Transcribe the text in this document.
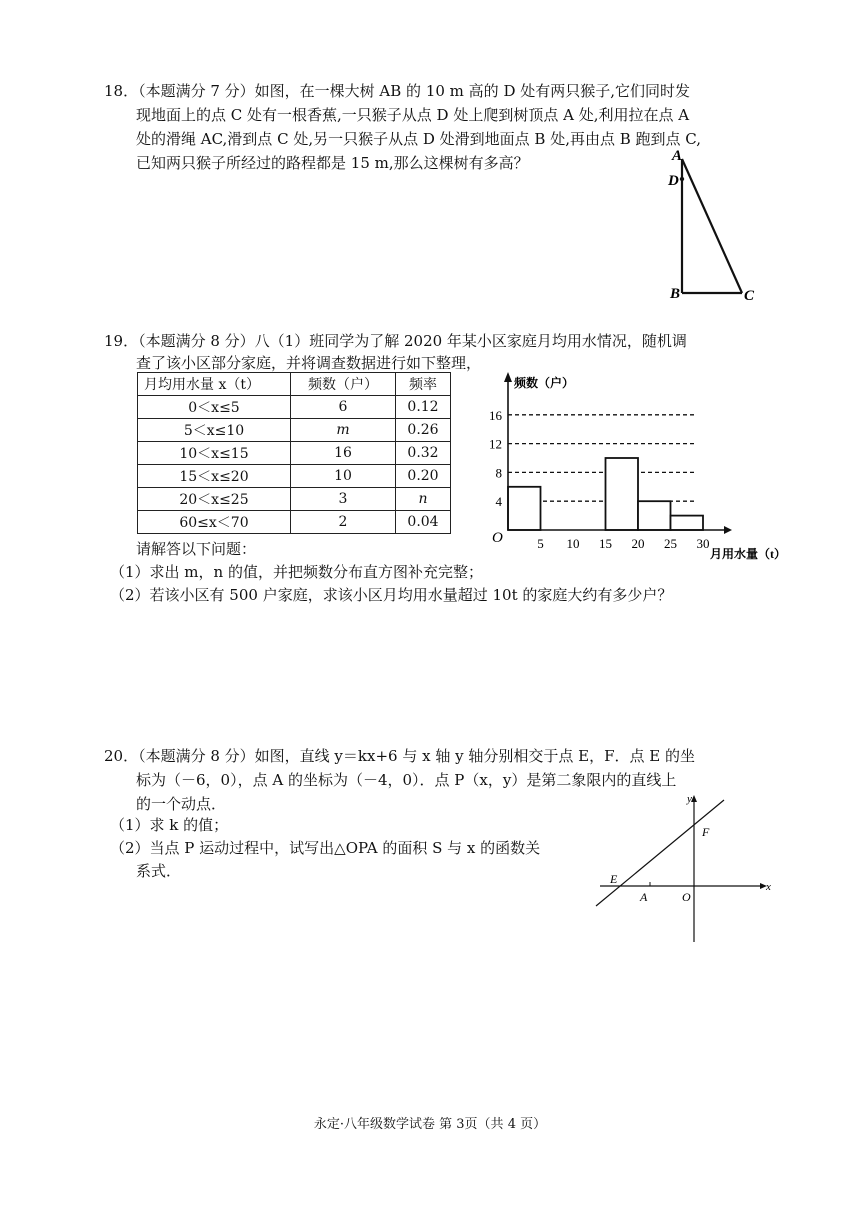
18．（本题满分 7 分）如图，在一棵大树 AB 的 10 m 高的 D 处有两只猴子,它们同时发
现地面上的点 C 处有一根香蕉,一只猴子从点 D 处上爬到树顶点 A 处,利用拉在点 A
处的滑绳 AC,滑到点 C 处,另一只猴子从点 D 处滑到地面点 B 处,再由点 B 跑到点 C,
已知两只猴子所经过的路程都是 15 m,那么这棵树有多高？	A
D
B	C
19．（本题满分 8 分）八（1）班同学为了解 2020 年某小区家庭月均用水情况，随机调
查了该小区部分家庭，并将调查数据进行如下整理，
月均用水量 x（t）	频数（户）	频率
0＜x≤5	6	0.12
5＜x≤10	m	0.26
10＜x≤15	16	0.32
15＜x≤20	10	0.20
20＜x≤25	3	n
60≤x＜70	2	0.04
4
8
12
16
5 10 15 20 25 30
O
频数（户）
月用水量（t）
请解答以下问题：
（1）求出 m，n 的值，并把频数分布直方图补充完整；
（2）若该小区有 500 户家庭，求该小区月均用水量超过 10t 的家庭大约有多少户？
20．（本题满分 8 分）如图，直线 y＝kx+6 与 x 轴 y 轴分别相交于点 E，F．点 E 的坐
标为（－6，0），点 A 的坐标为（－4，0）．点 P（x，y）是第二象限内的直线上
的一个动点．
（1）求 k 的值；
（2）当点 P 运动过程中，试写出△OPA 的面积 S 与 x 的函数关
系式．
y
x
E
F
A	O
永定·八年级数学试卷 第 3页（共 4 页）
